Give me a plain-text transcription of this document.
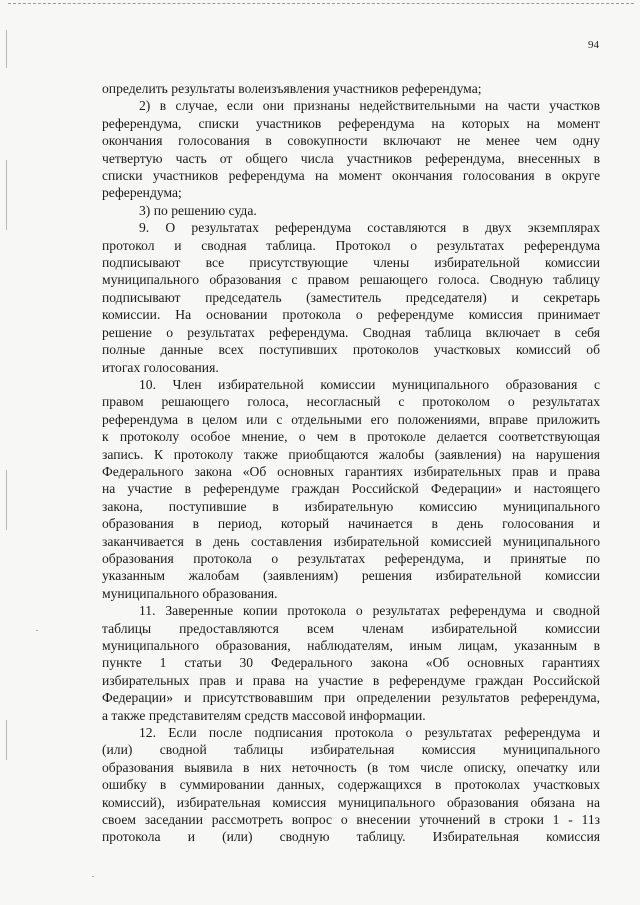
94
определить результаты волеизъявления участников референдума;
2) в случае, если они признаны недействительными на части участков
референдума, списки участников референдума на которых на момент
окончания голосования в совокупности включают не менее чем одну
четвертую часть от общего числа участников референдума, внесенных в
списки участников референдума на момент окончания голосования в округе
референдума;
3) по решению суда.
9. О результатах референдума составляются в двух экземплярах
протокол и сводная таблица. Протокол о результатах референдума
подписывают все присутствующие члены избирательной комиссии
муниципального образования с правом решающего голоса. Сводную таблицу
подписывают председатель (заместитель председателя) и секретарь
комиссии. На основании протокола о референдуме комиссия принимает
решение о результатах референдума. Сводная таблица включает в себя
полные данные всех поступивших протоколов участковых комиссий об
итогах голосования.
10. Член избирательной комиссии муниципального образования с
правом решающего голоса, несогласный с протоколом о результатах
референдума в целом или с отдельными его положениями, вправе приложить
к протоколу особое мнение, о чем в протоколе делается соответствующая
запись. К протоколу также приобщаются жалобы (заявления) на нарушения
Федерального закона «Об основных гарантиях избирательных прав и права
на участие в референдуме граждан Российской Федерации» и настоящего
закона, поступившие в избирательную комиссию муниципального
образования в период, который начинается в день голосования и
заканчивается в день составления избирательной комиссией муниципального
образования протокола о результатах референдума, и принятые по
указанным жалобам (заявлениям) решения избирательной комиссии
муниципального образования.
11. Заверенные копии протокола о результатах референдума и сводной
таблицы предоставляются всем членам избирательной комиссии
муниципального образования, наблюдателям, иным лицам, указанным в
пункте 1 статьи 30 Федерального закона «Об основных гарантиях
избирательных прав и права на участие в референдуме граждан Российской
Федерации» и присутствовавшим при определении результатов референдума,
а также представителям средств массовой информации.
12. Если после подписания протокола о результатах референдума и
(или) сводной таблицы избирательная комиссия муниципального
образования выявила в них неточность (в том числе описку, опечатку или
ошибку в суммировании данных, содержащихся в протоколах участковых
комиссий), избирательная комиссия муниципального образования обязана на
своем заседании рассмотреть вопрос о внесении уточнений в строки 1 - 11з
протокола и (или) сводную таблицу. Избирательная комиссия
